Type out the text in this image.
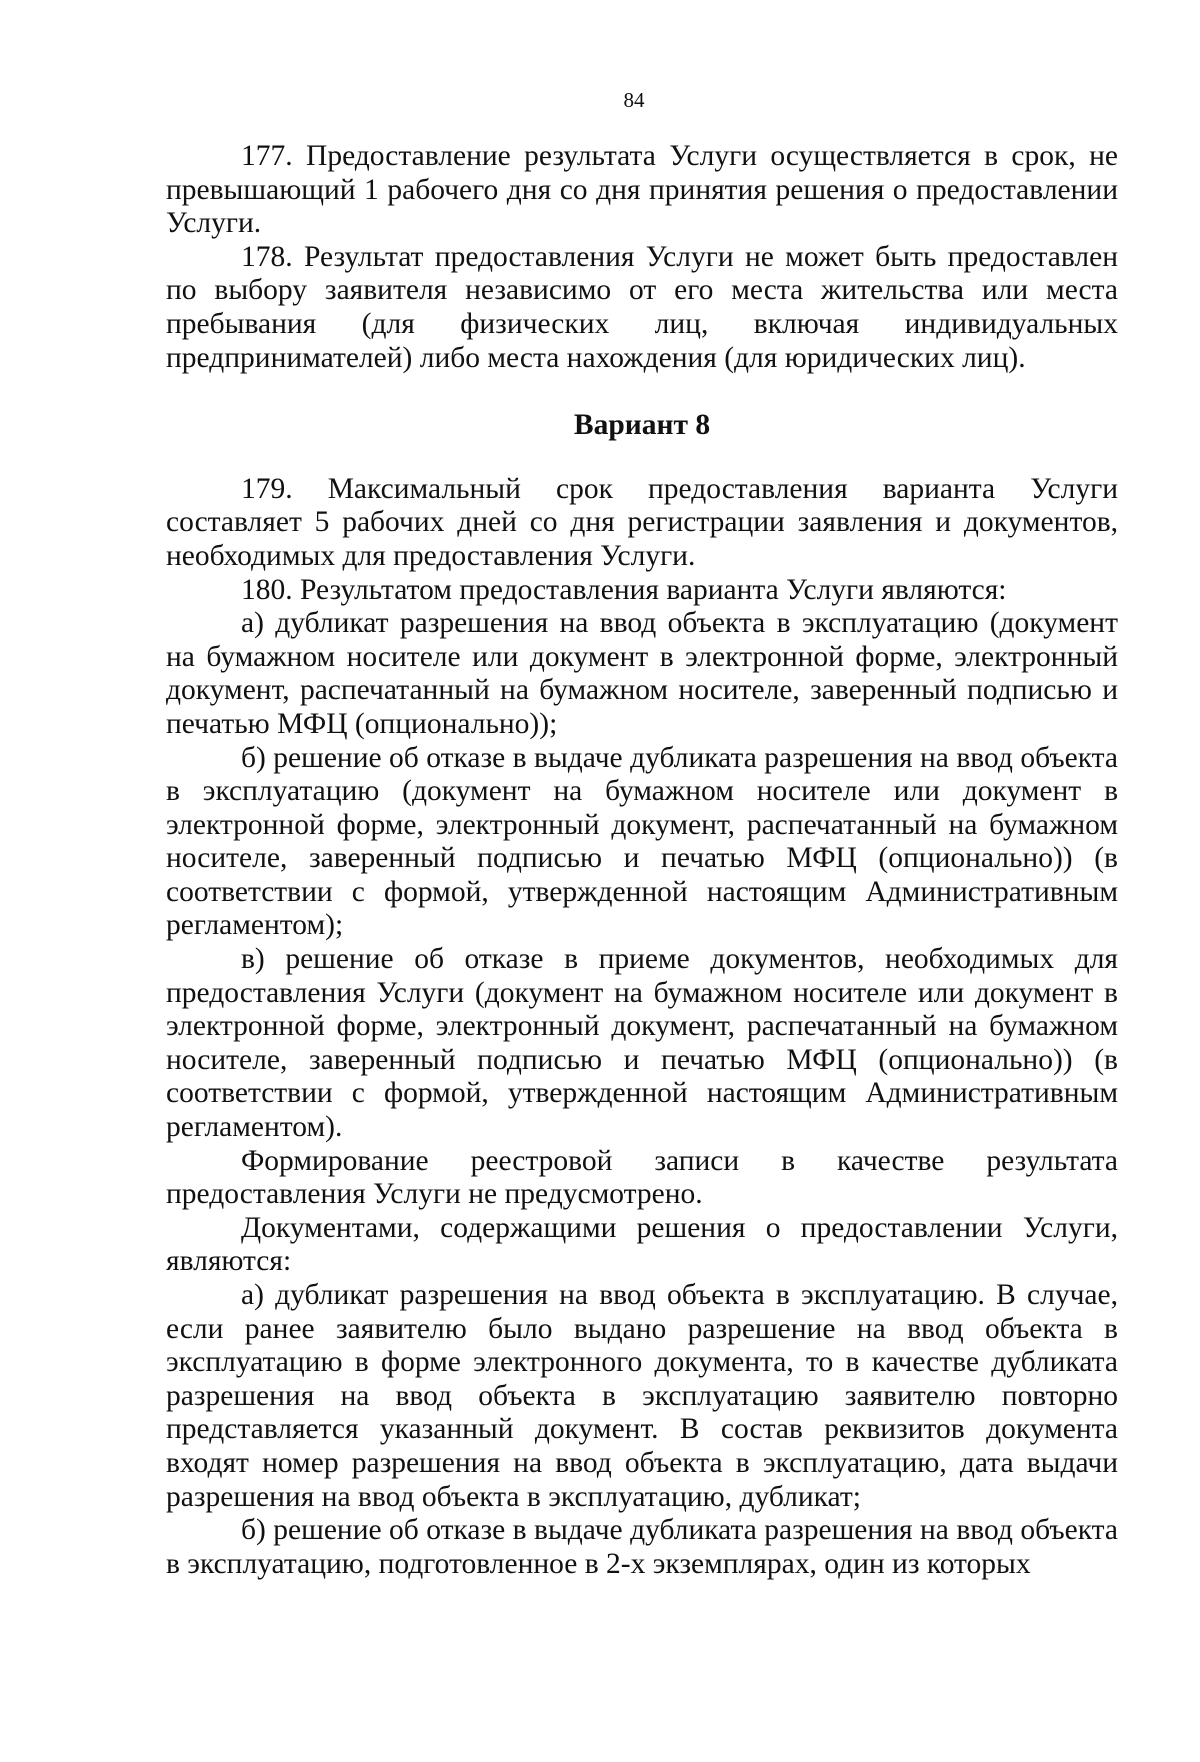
84

177. Предоставление результата Услуги осуществляется в срок, не превышающий 1 рабочего дня со дня принятия решения о предоставлении Услуги.

178. Результат предоставления Услуги не может быть предоставлен по выбору заявителя независимо от его места жительства или места пребывания (для физических лиц, включая индивидуальных предпринимателей) либо места нахождения (для юридических лиц).

Вариант 8

179. Максимальный срок предоставления варианта Услуги составляет 5 рабочих дней со дня регистрации заявления и документов, необходимых для предоставления Услуги.

180. Результатом предоставления варианта Услуги являются:

а) дубликат разрешения на ввод объекта в эксплуатацию (документ на бумажном носителе или документ в электронной форме, электронный документ, распечатанный на бумажном носителе, заверенный подписью и печатью МФЦ (опционально));

б) решение об отказе в выдаче дубликата разрешения на ввод объекта в эксплуатацию (документ на бумажном носителе или документ в электронной форме, электронный документ, распечатанный на бумажном носителе, заверенный подписью и печатью МФЦ (опционально)) (в соответствии с формой, утвержденной настоящим Административным регламентом);

в) решение об отказе в приеме документов, необходимых для предоставления Услуги (документ на бумажном носителе или документ в электронной форме, электронный документ, распечатанный на бумажном носителе, заверенный подписью и печатью МФЦ (опционально)) (в соответствии с формой, утвержденной настоящим Административным регламентом).

Формирование реестровой записи в качестве результата предоставления Услуги не предусмотрено.

Документами, содержащими решения о предоставлении Услуги, являются:

а) дубликат разрешения на ввод объекта в эксплуатацию. В случае, если ранее заявителю было выдано разрешение на ввод объекта в эксплуатацию в форме электронного документа, то в качестве дубликата разрешения на ввод объекта в эксплуатацию заявителю повторно представляется указанный документ. В состав реквизитов документа входят номер разрешения на ввод объекта в эксплуатацию, дата выдачи разрешения на ввод объекта в эксплуатацию, дубликат;

б) решение об отказе в выдаче дубликата разрешения на ввод объекта в эксплуатацию, подготовленное в 2-х экземплярах, один из которых
